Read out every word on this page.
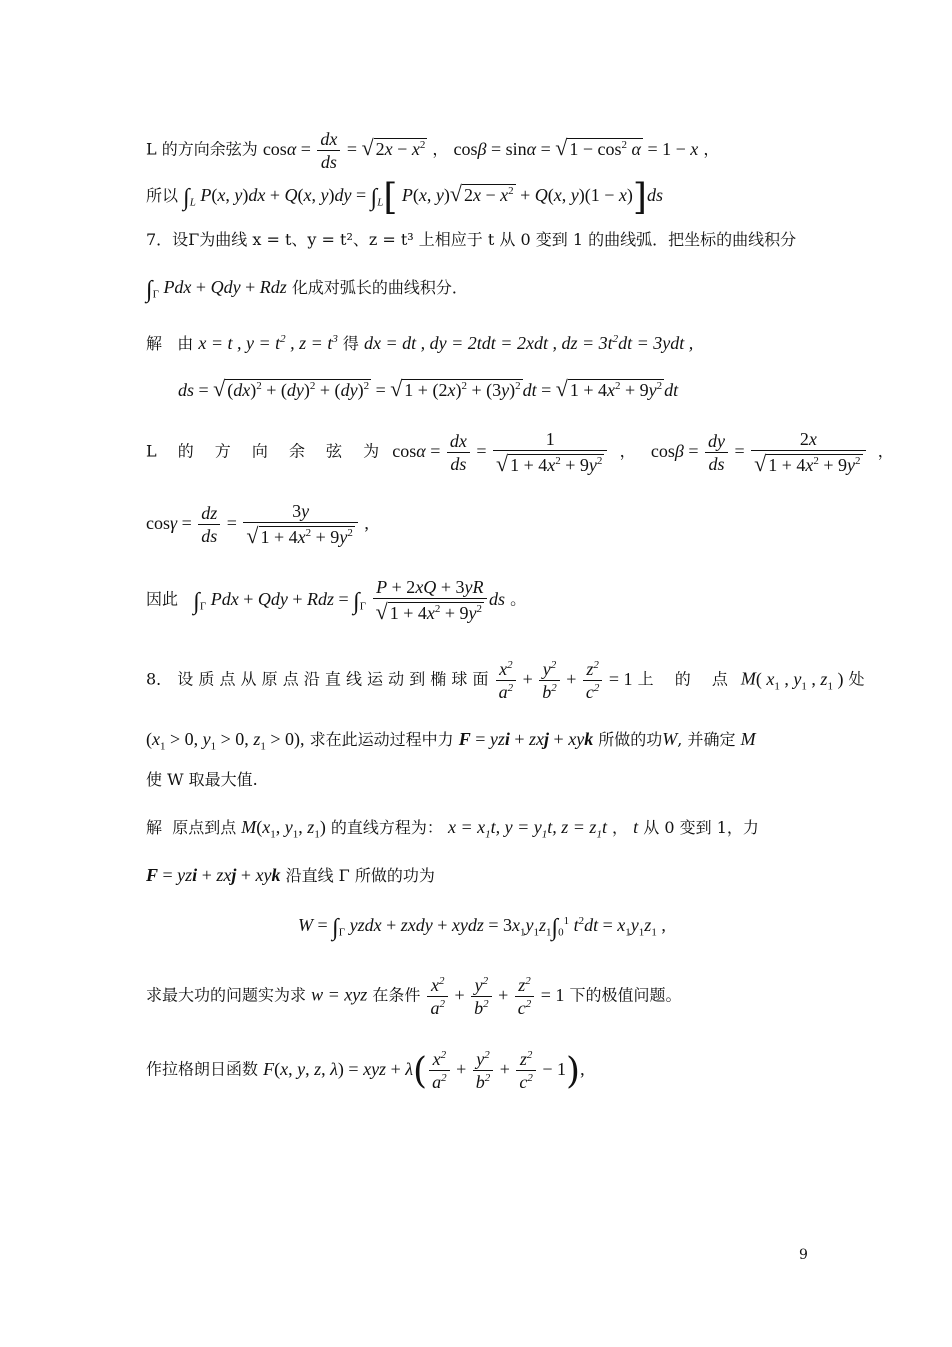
L 的方向余弦为 $\cos\alpha = \frac{dx}{ds}$ = √ $2x - x^2$ ， cosβ = sinα = √ $1 - \cos^2 \alpha = 1 - x$ ，
所以 $\int_L$ P(x, y)dx + Q(x, $y)dy = \int_L$[ P(x, y)√ $2x - x^2 + Q(x$, y)(1 − x)]ds
7．设Γ为曲线 x = t、y = t²、z = t³ 上相应于 t 从 0 变到 1 的曲线弧．把坐标的曲线积分
$\int_\Gamma$ Pdx + Qdy + Rdz 化成对弧长的曲线积分．
解 由 x = t , $y = t^2$ , $z = t^3$ 得 dx = dt , dy = 2tdt = 2xdt , dz = $3t^2dt = 3ydt$ ,
ds = √ (dx)$^2$ + (dy)$^2$ + (dy)$^2$ = √ $1 + (2x)^2 + (3y)^2$ dt = √ $1 + 4x^2 + 9y^2$ dt
L 的 方 向 余 弦 为 $\cos\alpha = \frac{dx}{ds} = \frac{1}{√ 1 + 4x^2 + 9y^2}$ ，   $\cos\beta = \frac{dy}{ds} = \frac{2x}{√ 1 + 4x^2 + 9y^2}$ ，
$\cos\gamma = \frac{dz}{ds} = \frac{3y}{√ 1 + 4x^2 + 9y^2}$ ,
因此 $\int_\Gamma$ Pdx + Qdy + Rdz = $\int_\Gamma \frac{P + 2xQ + 3yR}{√ 1 + 4x^2 + 9y^2}$ ds 。
8． 设 质 点 从 原 点 沿 直 线 运 动 到 椭 球 面 $\frac{x^2}{a^2} + \frac{y^2}{b^2} + \frac{z^2}{c^2} = 1$ 上 的 点 M( $x_1$ , $y_1$ , $z_1$ ) 处
($x_1 > 0$, $y_1 > 0$, $z_1 > 0$), 求在此运动过程中力 F = yzi + zxj + xyk 所做的功W, 并确定 M
使 W 取最大值.
解 原点到点 $M(x_1$, $y_1$, $z_1$) 的直线方程为： $x = x_1t$, $y = y_1t$, $z = z_1t$ ， t 从 0 变到 1，力
F = yzi + zxj + xyk 沿直线 Γ 所做的功为
$W = \int_\Gamma$ yzdx + zxdy + xydz = $3x_1y_1z_1\int_0^1$ $t^2dt = x_1y_1z_1$ ,
求最大功的问题实为求 w = xyz 在条件 $\frac{x^2}{a^2} + \frac{y^2}{b^2} + \frac{z^2}{c^2} = 1$ 下的极值问题。
作拉格朗日函数 F(x, y, z, λ) = xyz + $\lambda( \frac{x^2}{a^2} + \frac{y^2}{b^2} + \frac{z^2}{c^2} - 1)$,
9
